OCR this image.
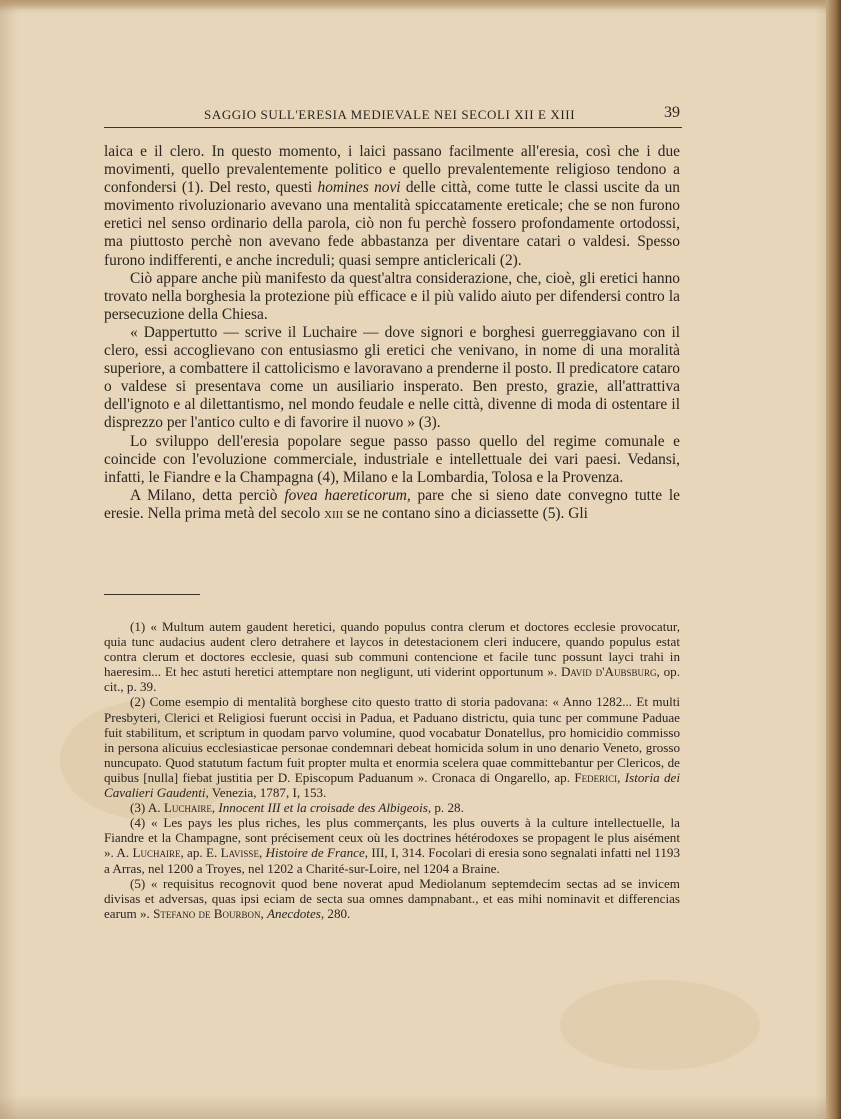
SAGGIO SULL'ERESIA MEDIEVALE NEI SECOLI XII E XIII	39

laica e il clero. In questo momento, i laici passano facilmente all'eresia, così che i due movimenti, quello prevalentemente politico e quello prevalentemente religioso tendono a confondersi (1). Del resto, questi homines novi delle città, come tutte le classi uscite da un movimento rivoluzionario avevano una mentalità spiccatamente ereticale; che se non furono eretici nel senso ordinario della parola, ciò non fu perchè fossero profondamente ortodossi, ma piuttosto perchè non avevano fede abbastanza per diventare catari o valdesi. Spesso furono indifferenti, e anche increduli; quasi sempre anticlericali (2).

Ciò appare anche più manifesto da quest'altra considerazione, che, cioè, gli eretici hanno trovato nella borghesia la protezione più efficace e il più valido aiuto per difendersi contro la persecuzione della Chiesa.

« Dappertutto — scrive il Luchaire — dove signori e borghesi guerreggiavano con il clero, essi accoglievano con entusiasmo gli eretici che venivano, in nome di una moralità superiore, a combattere il cattolicismo e lavoravano a prenderne il posto. Il predicatore cataro o valdese si presentava come un ausiliario insperato. Ben presto, grazie, all'attrattiva dell'ignoto e al dilettantismo, nel mondo feudale e nelle città, divenne di moda di ostentare il disprezzo per l'antico culto e di favorire il nuovo » (3).

Lo sviluppo dell'eresia popolare segue passo passo quello del regime comunale e coincide con l'evoluzione commerciale, industriale e intellettuale dei vari paesi. Vedansi, infatti, le Fiandre e la Champagna (4), Milano e la Lombardia, Tolosa e la Provenza.

A Milano, detta perciò fovea haereticorum, pare che si sieno date convegno tutte le eresie. Nella prima metà del secolo xiii se ne contano sino a diciassette (5). Gli

(1) « Multum autem gaudent heretici, quando populus contra clerum et doctores ecclesie provocatur, quia tunc audacius audent clero detrahere et laycos in detestacionem cleri inducere, quando populus estat contra clerum et doctores ecclesie, quasi sub communi contencione et facile tunc possunt layci trahi in haeresim... Et hec astuti heretici attemptare non negligunt, uti viderint opportunum ». David d'Aubsburg, op. cit., p. 39.

(2) Come esempio di mentalità borghese cito questo tratto di storia padovana: « Anno 1282... Et multi Presbyteri, Clerici et Religiosi fuerunt occisi in Padua, et Paduano districtu, quia tunc per commune Paduae fuit stabilitum, et scriptum in quodam parvo volumine, quod vocabatur Donatellus, pro homicidio commisso in persona alicuius ecclesiasticae personae condemnari debeat homicida solum in uno denario Veneto, grosso nuncupato. Quod statutum factum fuit propter multa et enormia scelera quae committebantur per Clericos, de quibus [nulla] fiebat justitia per D. Episcopum Paduanum ». Cronaca di Ongarello, ap. Federici, Istoria dei Cavalieri Gaudenti, Venezia, 1787, I, 153.

(3) A. Luchaire, Innocent III et la croisade des Albigeois, p. 28.

(4) « Les pays les plus riches, les plus commerçants, les plus ouverts à la culture intellectuelle, la Fiandre et la Champagne, sont précisement ceux où les doctrines hétérodoxes se propagent le plus aisément ». A. Luchaire, ap. E. Lavisse, Histoire de France, III, I, 314. Focolari di eresia sono segnalati infatti nel 1193 a Arras, nel 1200 a Troyes, nel 1202 a Charité-sur-Loire, nel 1204 a Braine.

(5) « requisitus recognovit quod bene noverat apud Mediolanum septemdecim sectas ad se invicem divisas et adversas, quas ipsi eciam de secta sua omnes dampnabant., et eas mihi nominavit et differencias earum ». Stefano de Bourbon, Anecdotes, 280.
